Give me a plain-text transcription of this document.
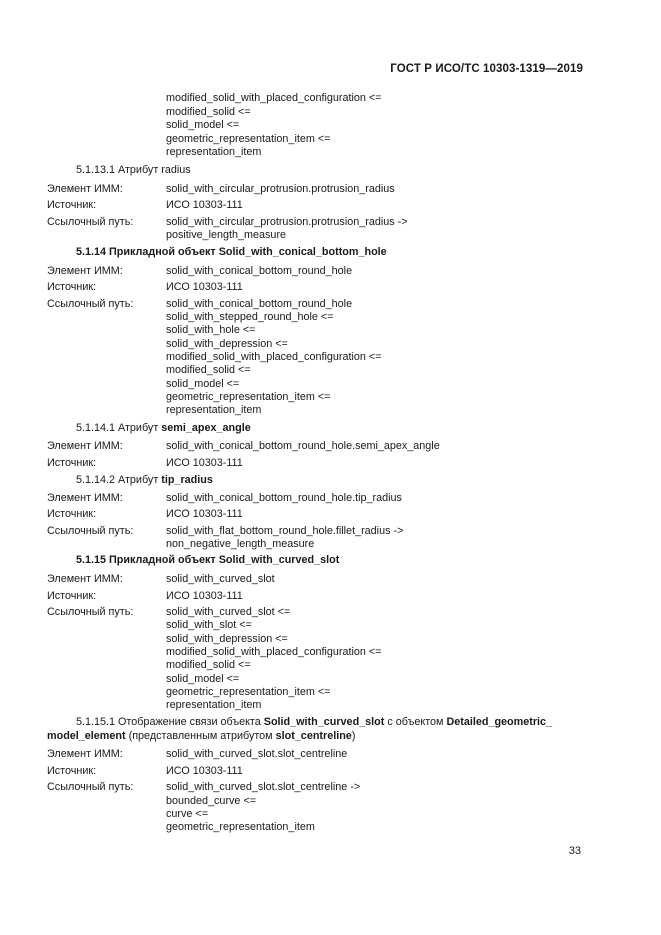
ГОСТ Р ИСО/ТС 10303-1319—2019
modified_solid_with_placed_configuration <=
modified_solid <=
solid_model <=
geometric_representation_item <=
representation_item
5.1.13.1 Атрибут radius
Элемент ИММ:	solid_with_circular_protrusion.protrusion_radius
Источник:	ИСО 10303-111
Ссылочный путь:	solid_with_circular_protrusion.protrusion_radius ->
positive_length_measure
5.1.14 Прикладной объект Solid_with_conical_bottom_hole
Элемент ИММ:	solid_with_conical_bottom_round_hole
Источник:	ИСО 10303-111
Ссылочный путь:	solid_with_conical_bottom_round_hole
solid_with_stepped_round_hole <=
solid_with_hole <=
solid_with_depression <=
modified_solid_with_placed_configuration <=
modified_solid <=
solid_model <=
geometric_representation_item <=
representation_item
5.1.14.1 Атрибут semi_apex_angle
Элемент ИММ:	solid_with_conical_bottom_round_hole.semi_apex_angle
Источник:	ИСО 10303-111
5.1.14.2 Атрибут tip_radius
Элемент ИММ:	solid_with_conical_bottom_round_hole.tip_radius
Источник:	ИСО 10303-111
Ссылочный путь:	solid_with_flat_bottom_round_hole.fillet_radius ->
non_negative_length_measure
5.1.15 Прикладной объект Solid_with_curved_slot
Элемент ИММ:	solid_with_curved_slot
Источник:	ИСО 10303-111
Ссылочный путь:	solid_with_curved_slot <=
solid_with_slot <=
solid_with_depression <=
modified_solid_with_placed_configuration <=
modified_solid <=
solid_model <=
geometric_representation_item <=
representation_item
Элемент ИММ:	solid_with_curved_slot.slot_centreline
Источник:	ИСО 10303-111
Ссылочный путь:	solid_with_curved_slot.slot_centreline ->
bounded_curve <=
curve <=
geometric_representation_item
5.1.15.1 Отображение связи объекта Solid_with_curved_slot с объектом Detailed_geometric_
model_element (представленным атрибутом slot_centreline)
33
